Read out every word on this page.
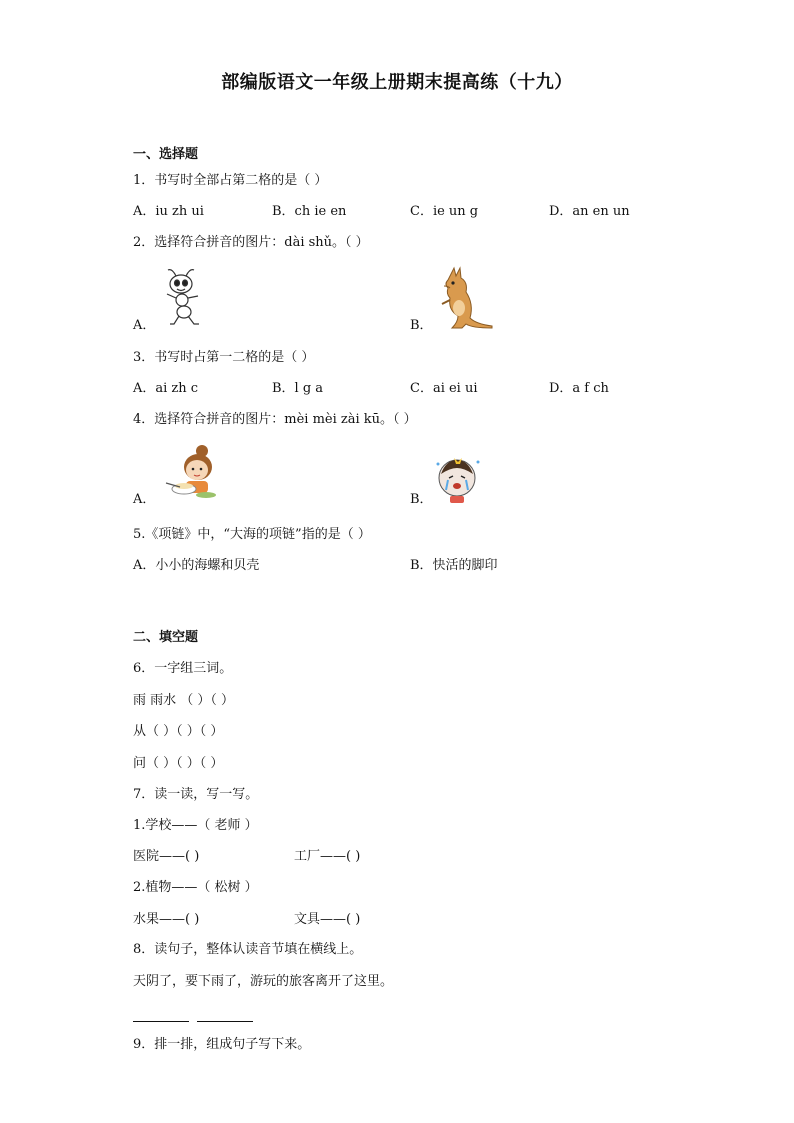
部编版语文一年级上册期末提高练（十九）
一、选择题
1．书写时全部占第二格的是（ ）
A．iu zh ui	B．ch ie en	C．ie un g	D．an en un
2．选择符合拼音的图片：dài shǔ。（ ）
A．	B．
3．书写时占第一二格的是（ ）
A．ai zh c	B．l g a	C．ai ei ui	D．a f ch
4．选择符合拼音的图片：mèi mèi zài kū。（ ）
A．	B．
5.《项链》中，“大海的项链”指的是（ ）
A．小小的海螺和贝壳	B．快活的脚印
二、填空题
6．一字组三词。
雨 雨水 （ ）（ ）
从（ ）（ ）（ ）
问（ ）（ ）（ ）
7．读一读，写一写。
1.学校——（ 老师 ）
医院——( )	工厂——( )
2.植物——（ 松树 ）
水果——( )	文具——( )
8．读句子，整体认读音节填在横线上。
天阴了，要下雨了，游玩的旅客离开了这里。

9．排一排，组成句子写下来。
